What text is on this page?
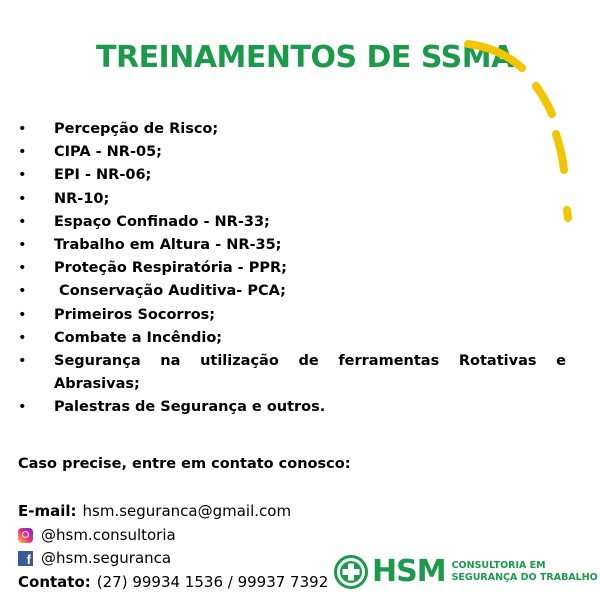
TREINAMENTOS DE SSMA
• Percepção de Risco;
• CIPA - NR-05;
• EPI - NR-06;
• NR-10;
• Espaço Confinado - NR-33;
• Trabalho em Altura - NR-35;
• Proteção Respiratória - PPR;
• Conservação Auditiva- PCA;
• Primeiros Socorros;
• Combate a Incêndio;
• Segurança na utilização de ferramentas Rotativas e Abrasivas;
• Palestras de Segurança e outros.
Caso precise, entre em contato conosco:
E-mail: hsm.seguranca@gmail.com
@hsm.consultoria
f @hsm.seguranca
Contato: (27) 99934 1536 / 99937 7392 HSM CONSULTORIA EM
SEGURANÇA DO TRABALHO
